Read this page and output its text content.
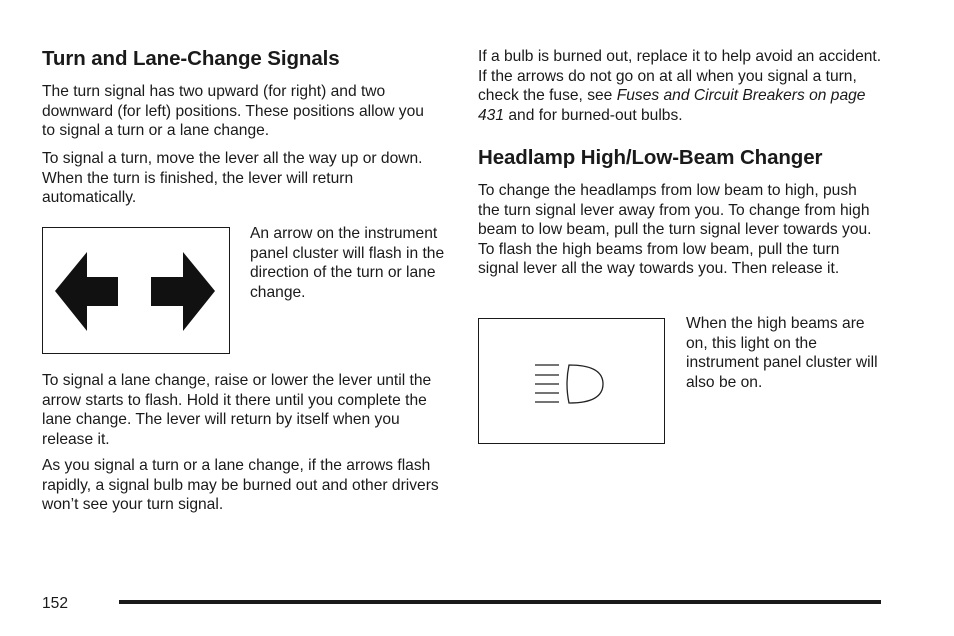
Turn and Lane-Change Signals

The turn signal has two upward (for right) and two downward (for left) positions. These positions allow you to signal a turn or a lane change.

To signal a turn, move the lever all the way up or down. When the turn is finished, the lever will return automatically.

An arrow on the instrument panel cluster will flash in the direction of the turn or lane change.

To signal a lane change, raise or lower the lever until the arrow starts to flash. Hold it there until you complete the lane change. The lever will return by itself when you release it.

As you signal a turn or a lane change, if the arrows flash rapidly, a signal bulb may be burned out and other drivers won’t see your turn signal.

If a bulb is burned out, replace it to help avoid an accident. If the arrows do not go on at all when you signal a turn, check the fuse, see Fuses and Circuit Breakers on page 431 and for burned-out bulbs.

Headlamp High/Low-Beam Changer

To change the headlamps from low beam to high, push the turn signal lever away from you. To change from high beam to low beam, pull the turn signal lever towards you. To flash the high beams from low beam, pull the turn signal lever all the way towards you. Then release it.

When the high beams are on, this light on the instrument panel cluster will also be on.

152
